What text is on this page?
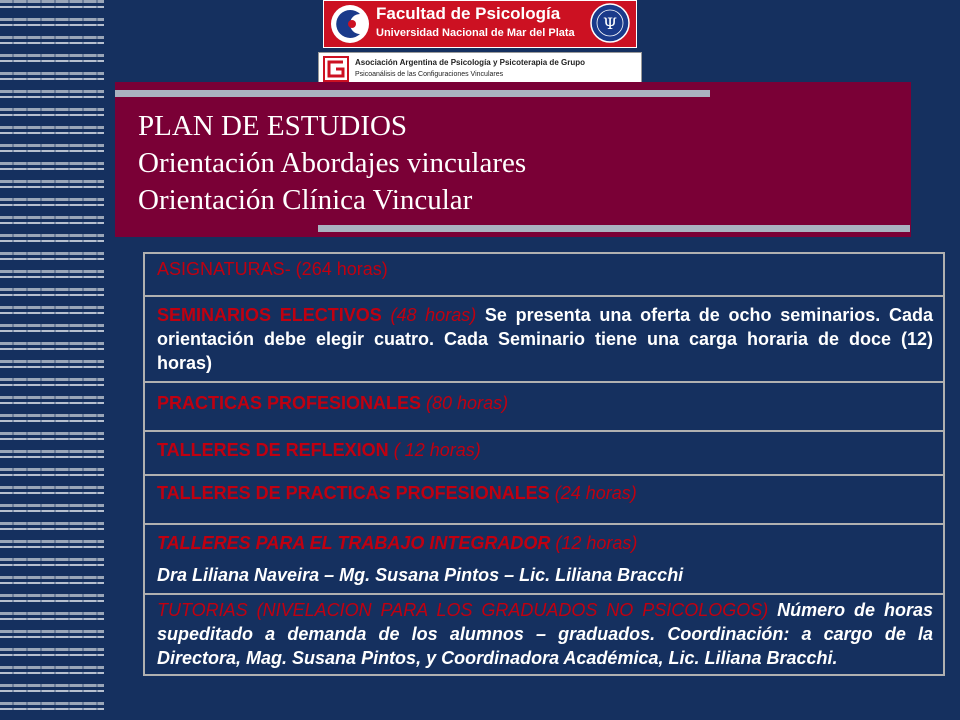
Facultad de Psicología
Universidad Nacional de Mar del Plata Ψ
Asociación Argentina de Psicología y Psicoterapia de Grupo
Psicoanálisis de las Configuraciones Vinculares
PLAN DE ESTUDIOS
Orientación Abordajes vinculares
Orientación Clínica Vincular
ASIGNATURAS- (264 horas)
SEMINARIOS ELECTIVOS (48 horas) Se presenta una oferta de ocho seminarios. Cada orientación debe elegir cuatro. Cada Seminario tiene una carga horaria de doce (12) horas)
PRACTICAS PROFESIONALES (80 horas)
TALLERES DE REFLEXION ( 12 horas)
TALLERES DE PRACTICAS PROFESIONALES (24 horas)

TALLERES PARA EL TRABAJO INTEGRADOR (12 horas)
Dra Liliana Naveira – Mg. Susana Pintos – Lic. Liliana Bracchi

TUTORIAS (NIVELACION PARA LOS GRADUADOS NO PSICOLOGOS) Número de horas supeditado a demanda de los alumnos – graduados. Coordinación: a cargo de la Directora, Mag. Susana Pintos, y Coordinadora Académica, Lic. Liliana Bracchi.
